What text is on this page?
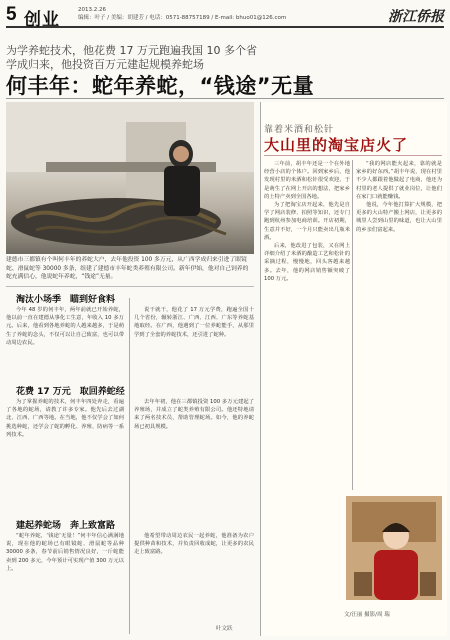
5 创业	2013.2.26
编辑：叶子 / 美编：胡建芳 / 电话：0571-88757189 / E-mail: bhuo01@126.com	浙江侨报
为学养蛇技术，他花费 17 万元跑遍我国 10 多个省
学成归来，他投资百万元建起规模养蛇场
何丰年：蛇年养蛇，“钱途”无量
建德市三都镇有个叫何丰年的养蛇大户，去年他投资 100 多万元，从广西学成归来引进了眼镜蛇、滑鼠蛇等 30000 多条，组建了建德市丰年蛇类养殖有限公司。新年伊始，他对自己饲养的蛇充满信心，他说蛇年养蛇，“钱途”无量。
淘汰小场季　瞄到好食料

今年 48 岁的何丰年，两年前就已开始养蛇，他以前一直在建德从事化工生意，年收入 10 多万元。后来，他看到各地养蛇的人越来越多，于是萌生了养蛇的念头，不仅可以让自己致富，也可以带动周边农民。

说干就干，他花了 17 万元学费，跑遍全国十几个省份，辗转浙江、广西、江西、广东等养蛇基地取经。在广西，他遇到了一位养蛇能手，从那里学到了全套的养蛇技术，还引进了蛇种。

花费 17 万元　取回养蛇经

为了掌握养蛇的技术，何丰年四处奔走，看遍了各地的蛇场，请教了许多专家。他先后去过湖北、江西、广西等地。在当地，他不仅学会了如何挑选种蛇，还学会了蛇的孵化、养殖、防病等一系列技术。

去年年初，他在三都镇投资 100 多万元建起了养殖场，并成立了蛇类养殖有限公司。他还特地请来了两名技术员，帮助管理蛇场。如今，他的养蛇场已初具规模。

建起养蛇场　奔上致富路

“蛇年养蛇，‘钱途’无量！”何丰年信心满满地说，现在他的蛇场已有眼镜蛇、滑鼠蛇等品种 30000 多条，春节前后销售情况良好，一斤蛇能卖到 200 多元，今年预计可实现产值 300 万元以上。

他希望带动周边农民一起养蛇，他准备为农户提供种苗和技术，并负责回收成蛇，让更多的农民走上致富路。

叶文跃
靠着米酒和松针
大山里的淘宝店火了

三年前，胡丰年还是一个在外地经营小店的个体户。回到家乡后，他发现村里的米酒和松针很受欢迎，于是萌生了在网上开店的想法，把家乡的土特产卖到全国各地。

为了把淘宝店开起来，他先是自学了网店装修、拍照等知识，还专门跑到杭州参加电商培训。开店初期，生意并不好，一个月只能卖出几瓶米酒。

后来，他改进了包装，又在网上详细介绍了米酒的酿造工艺和松针的采摘过程，慢慢地，回头客越来越多。去年，他的网店销售额突破了 100 万元。

“我的网店能火起来，靠的就是家乡的好东西。”胡丰年说，现在村里不少人都跟着他做起了电商，他还为村里的老人提供了就业岗位，让他们在家门口就能赚钱。

他说，今年他打算扩大规模，把更多的大山特产搬上网店，让更多的城里人尝到山里的味道，也让大山里的乡亲们富起来。

文/汪丽 摄影/周 瑞
